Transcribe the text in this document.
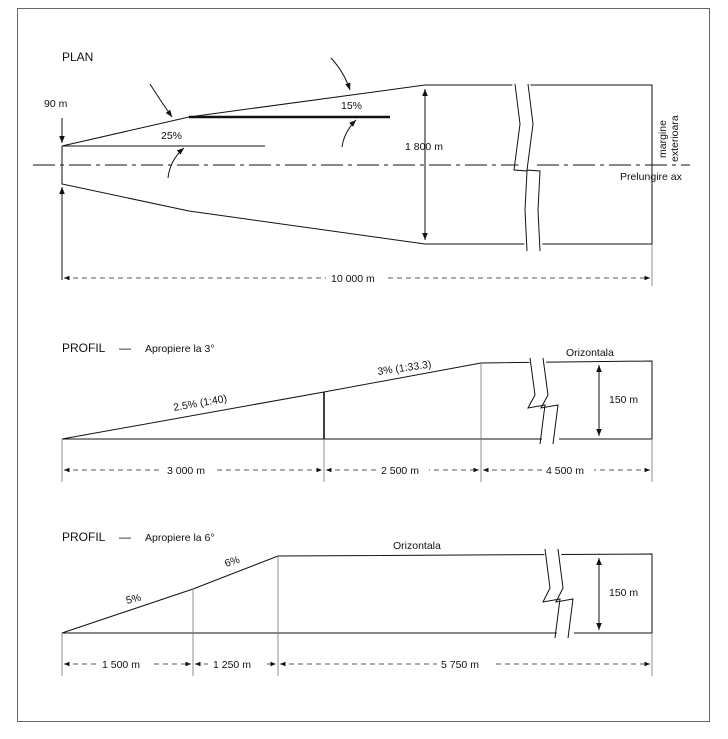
PLAN
25%
15%
90 m
1 800 m	margine exterioara
Prelungire ax
10 000 m
PROFIL — Apropiere la 3°
2.5% (1:40)
3% (1:33.3)
Orizontala
150 m
3 000 m	2 500 m	4 500 m
PROFIL — Apropiere la 6°
5%
6%
Orizontala
150 m
1 500 m	1 250 m	5 750 m
